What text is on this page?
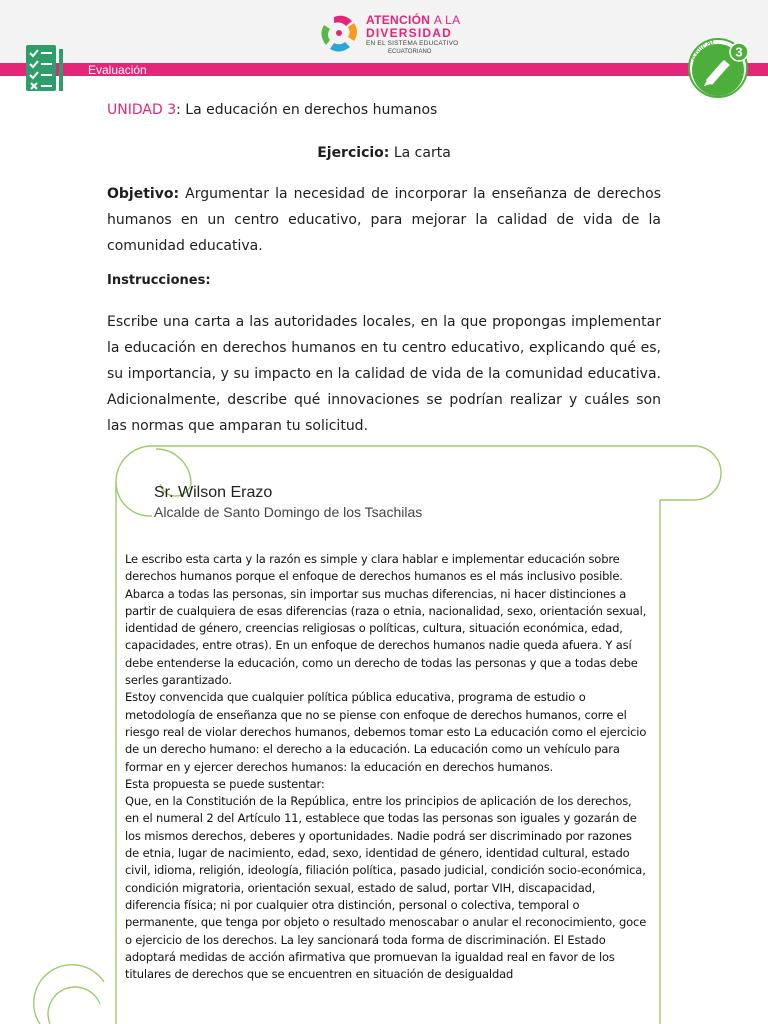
Evaluación
ATENCIÓN A LA
DIVERSIDAD
EN EL SISTEMA EDUCATIVO
ECUATORIANO
Aplicar
3
UNIDAD 3: La educación en derechos humanos
Ejercicio: La carta
Objetivo: Argumentar la necesidad de incorporar la enseñanza de derechos humanos en un centro educativo, para mejorar la calidad de vida de la comunidad educativa.
Instrucciones:
Escribe una carta a las autoridades locales, en la que propongas implementar la educación en derechos humanos en tu centro educativo, explicando qué es, su importancia, y su impacto en la calidad de vida de la comunidad educativa. Adicionalmente, describe qué innovaciones se podrían realizar y cuáles son las normas que amparan tu solicitud.
Sr. Wilson Erazo
Alcalde de Santo Domingo de los Tsachilas

Le escribo esta carta y la razón es simple y clara hablar e implementar educación sobre derechos humanos porque el enfoque de derechos humanos es el más inclusivo posible. Abarca a todas las personas, sin importar sus muchas diferencias, ni hacer distinciones a partir de cualquiera de esas diferencias (raza o etnia, nacionalidad, sexo, orientación sexual, identidad de género, creencias religiosas o políticas, cultura, situación económica, edad, capacidades, entre otras). En un enfoque de derechos humanos nadie queda afuera. Y así debe entenderse la educación, como un derecho de todas las personas y que a todas debe serles garantizado.

Estoy convencida que cualquier política pública educativa, programa de estudio o metodología de enseñanza que no se piense con enfoque de derechos humanos, corre el riesgo real de violar derechos humanos, debemos tomar esto La educación como el ejercicio de un derecho humano: el derecho a la educación. La educación como un vehículo para formar en y ejercer derechos humanos: la educación en derechos humanos.

Esta propuesta se puede sustentar:

Que, en la Constitución de la República, entre los principios de aplicación de los derechos, en el numeral 2 del Artículo 11, establece que todas las personas son iguales y gozarán de los mismos derechos, deberes y oportunidades. Nadie podrá ser discriminado por razones de etnia, lugar de nacimiento, edad, sexo, identidad de género, identidad cultural, estado civil, idioma, religión, ideología, filiación política, pasado judicial, condición socio-económica, condición migratoria, orientación sexual, estado de salud, portar VIH, discapacidad, diferencia física; ni por cualquier otra distinción, personal o colectiva, temporal o permanente, que tenga por objeto o resultado menoscabar o anular el reconocimiento, goce o ejercicio de los derechos. La ley sancionará toda forma de discriminación. El Estado adoptará medidas de acción afirmativa que promuevan la igualdad real en favor de los titulares de derechos que se encuentren en situación de desigualdad
